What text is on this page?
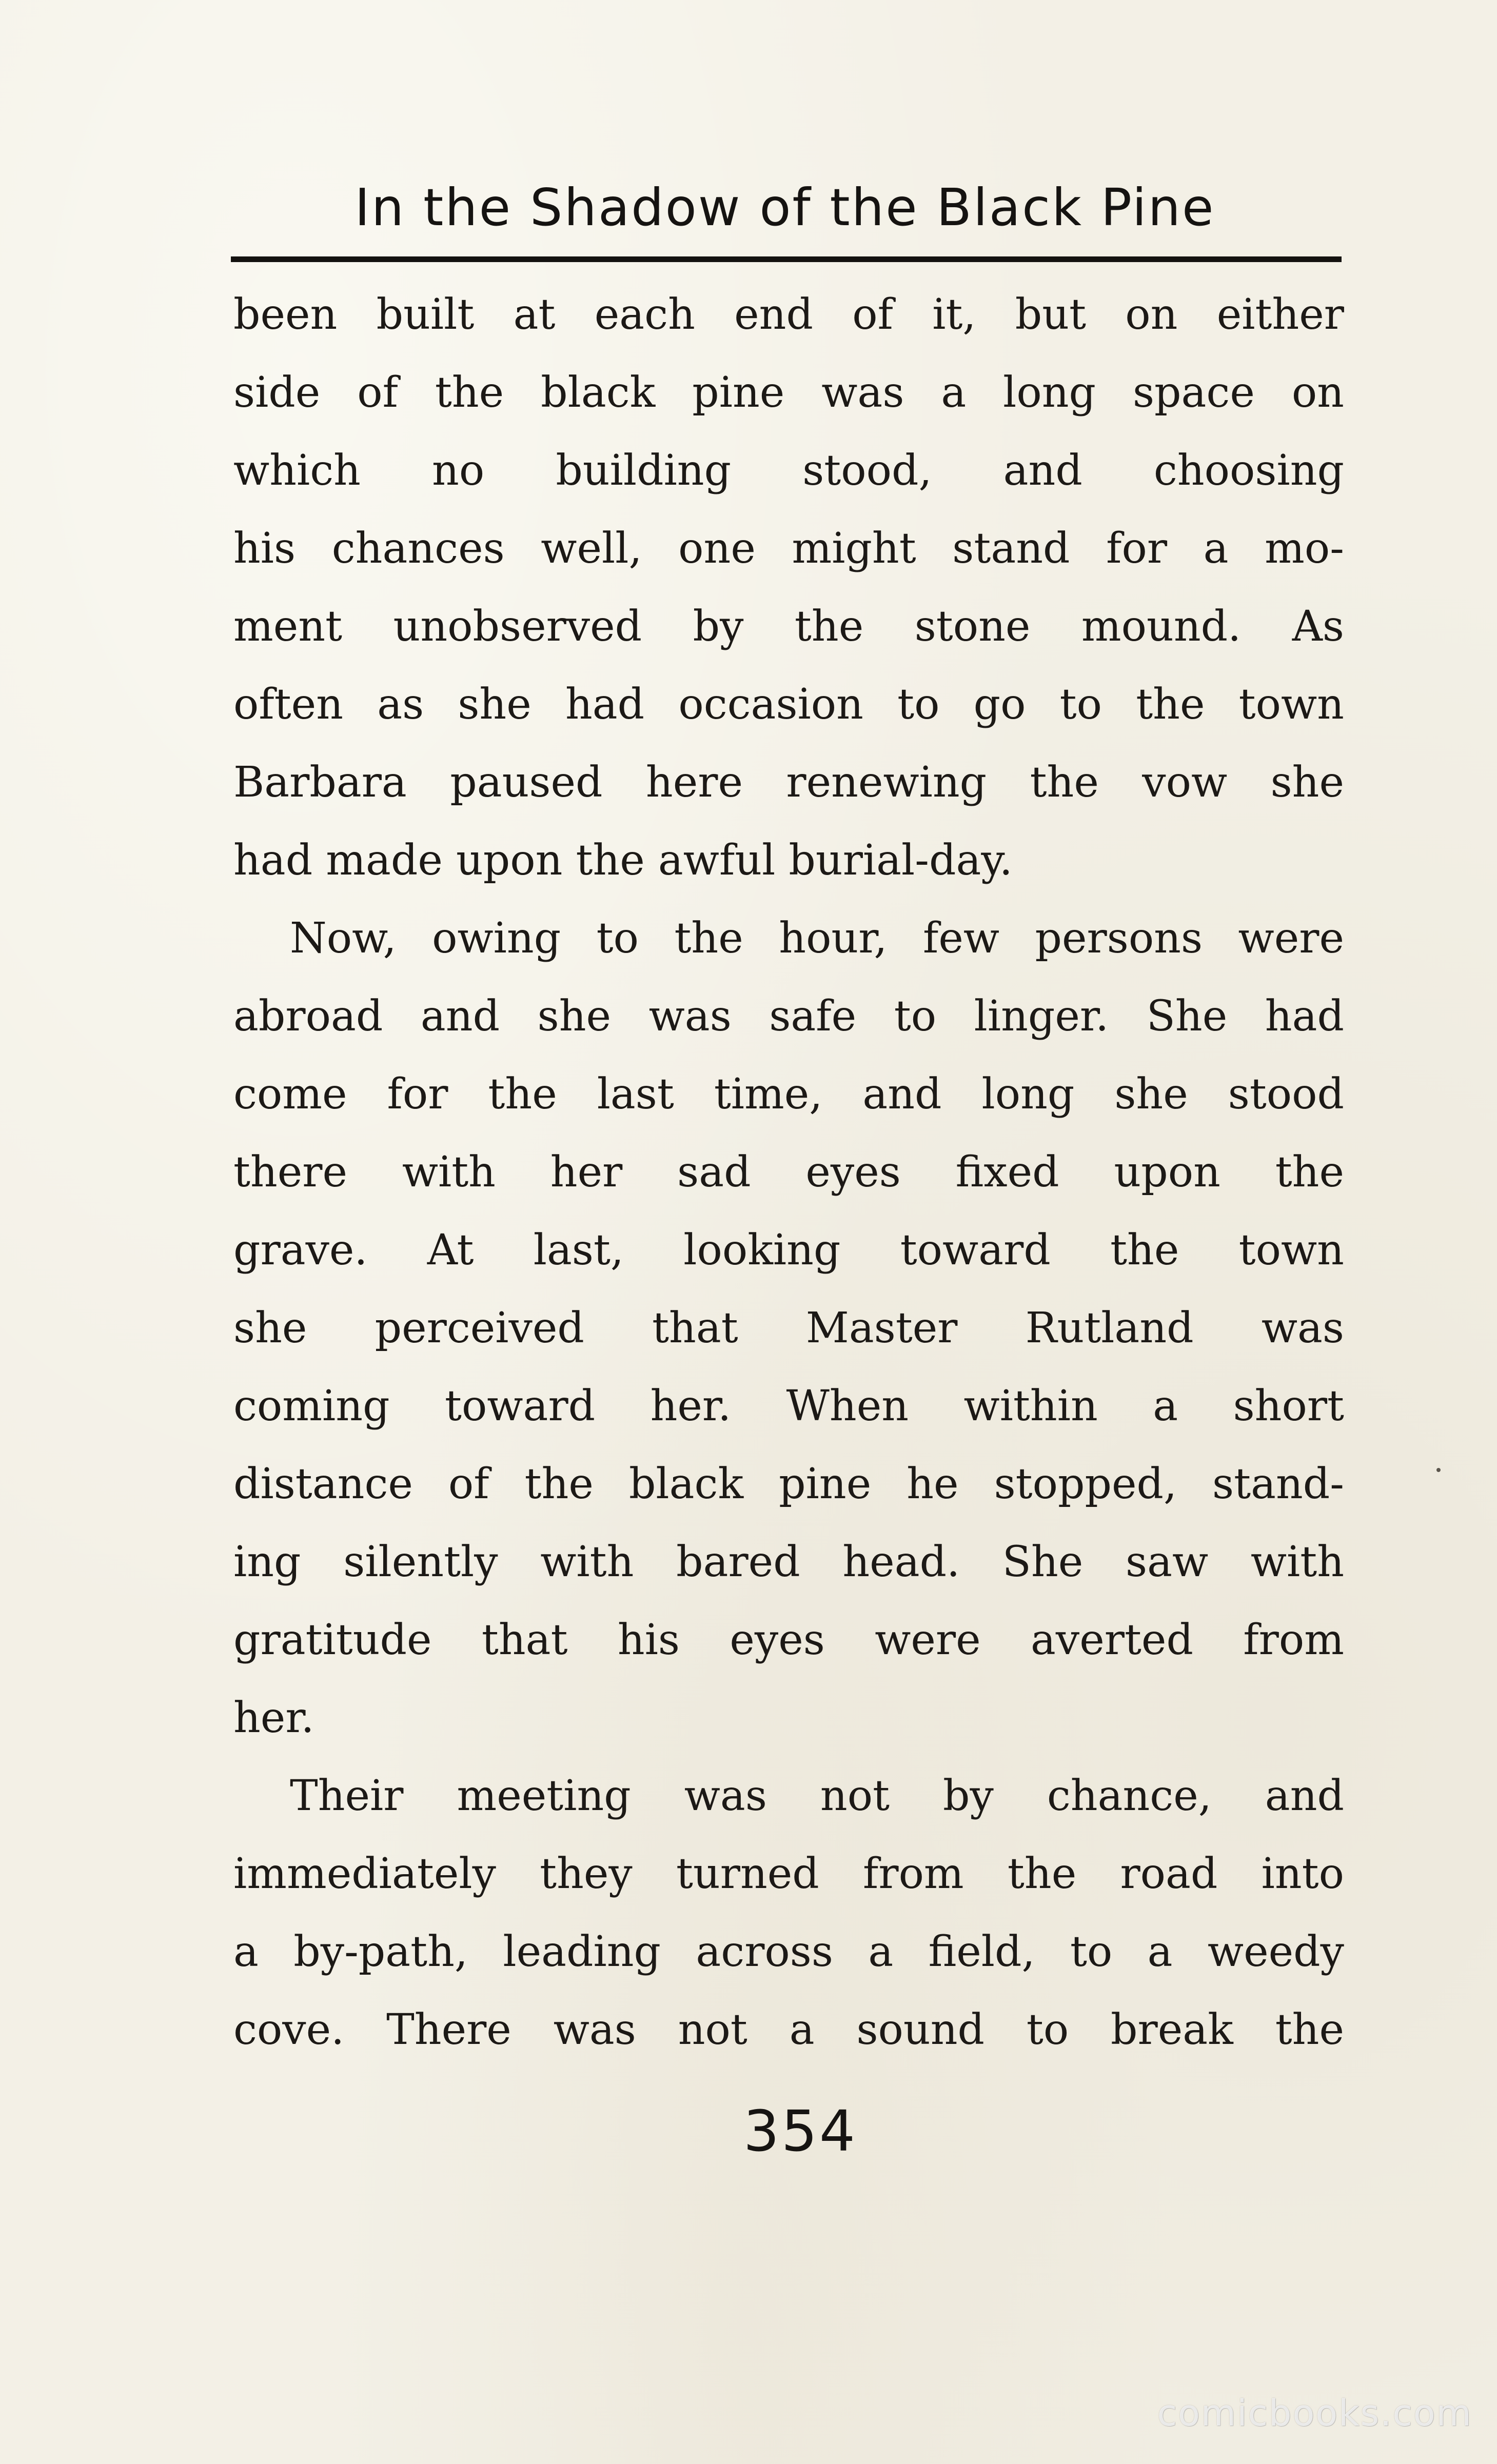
In the Shadow of the Black Pine

been built at each end of it, but on either
side of the black pine was a long space on
which no building stood, and choosing
his chances well, one might stand for a mo-
ment unobserved by the stone mound. As
often as she had occasion to go to the town
Barbara paused here renewing the vow she
had made upon the awful burial-day.

Now, owing to the hour, few persons were
abroad and she was safe to linger. She had
come for the last time, and long she stood
there with her sad eyes fixed upon the
grave. At last, looking toward the town
she perceived that Master Rutland was
coming toward her. When within a short
distance of the black pine he stopped, stand-
ing silently with bared head. She saw with
gratitude that his eyes were averted from
her.

Their meeting was not by chance, and
immediately they turned from the road into
a by-path, leading across a field, to a weedy
cove. There was not a sound to break the

354
comicbooks.com
